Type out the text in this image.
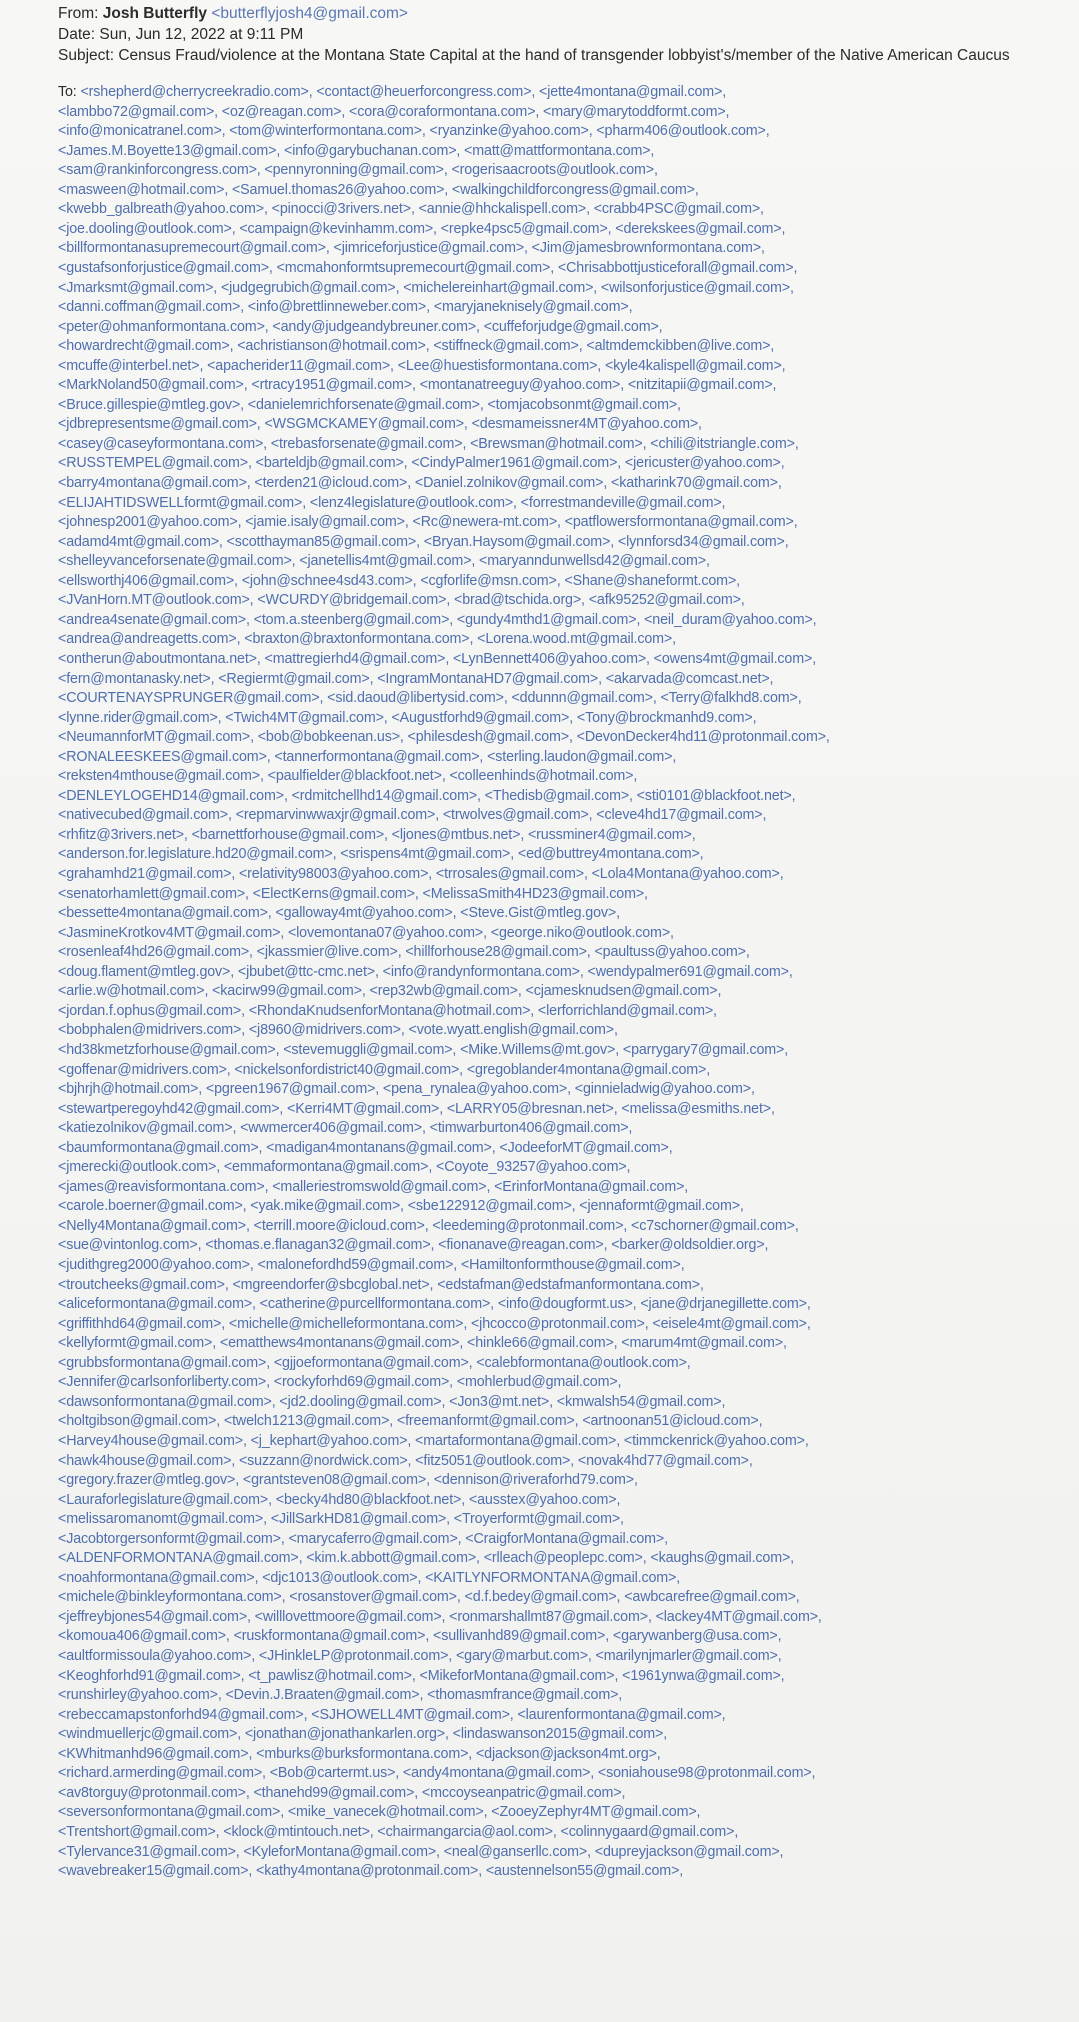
From: Josh Butterfly <butterflyjosh4@gmail.com>
Date: Sun, Jun 12, 2022 at 9:11 PM
Subject: Census Fraud/violence at the Montana State Capital at the hand of transgender lobbyist's/member of the Native American Caucus
To: <rshepherd@cherrycreekradio.com>, <contact@heuerforcongress.com>, <jette4montana@gmail.com>,
<lambbo72@gmail.com>, <oz@reagan.com>, <cora@coraformontana.com>, <mary@marytoddformt.com>,
<info@monicatranel.com>, <tom@winterformontana.com>, <ryanzinke@yahoo.com>, <pharm406@outlook.com>,
<James.M.Boyette13@gmail.com>, <info@garybuchanan.com>, <matt@mattformontana.com>,
<sam@rankinforcongress.com>, <pennyronning@gmail.com>, <rogerisaacroots@outlook.com>,
<masween@hotmail.com>, <Samuel.thomas26@yahoo.com>, <walkingchildforcongress@gmail.com>,
<kwebb_galbreath@yahoo.com>, <pinocci@3rivers.net>, <annie@hhckalispell.com>, <crabb4PSC@gmail.com>,
<joe.dooling@outlook.com>, <campaign@kevinhamm.com>, <repke4psc5@gmail.com>, <derekskees@gmail.com>,
<billformontanasupremecourt@gmail.com>, <jimriceforjustice@gmail.com>, <Jim@jamesbrownformontana.com>,
<gustafsonforjustice@gmail.com>, <mcmahonformtsupremecourt@gmail.com>, <Chrisabbottjusticeforall@gmail.com>,
<Jmarksmt@gmail.com>, <judgegrubich@gmail.com>, <michelereinhart@gmail.com>, <wilsonforjustice@gmail.com>,
<danni.coffman@gmail.com>, <info@brettlinneweber.com>, <maryjaneknisely@gmail.com>,
<peter@ohmanformontana.com>, <andy@judgeandybreuner.com>, <cuffeforjudge@gmail.com>,
<howardrecht@gmail.com>, <achristianson@hotmail.com>, <stiffneck@gmail.com>, <altmdemckibben@live.com>,
<mcuffe@interbel.net>, <apacherider11@gmail.com>, <Lee@huestisformontana.com>, <kyle4kalispell@gmail.com>,
<MarkNoland50@gmail.com>, <rtracy1951@gmail.com>, <montanatreeguy@yahoo.com>, <nitzitapii@gmail.com>,
<Bruce.gillespie@mtleg.gov>, <danielemrichforsenate@gmail.com>, <tomjacobsonmt@gmail.com>,
<jdbrepresentsme@gmail.com>, <WSGMCKAMEY@gmail.com>, <desmameissner4MT@yahoo.com>,
<casey@caseyformontana.com>, <trebasforsenate@gmail.com>, <Brewsman@hotmail.com>, <chili@itstriangle.com>,
<RUSSTEMPEL@gmail.com>, <barteldjb@gmail.com>, <CindyPalmer1961@gmail.com>, <jericuster@yahoo.com>,
<barry4montana@gmail.com>, <terden21@icloud.com>, <Daniel.zolnikov@gmail.com>, <katharink70@gmail.com>,
<ELIJAHTIDSWELLformt@gmail.com>, <lenz4legislature@outlook.com>, <forrestmandeville@gmail.com>,
<johnesp2001@yahoo.com>, <jamie.isaly@gmail.com>, <Rc@newera-mt.com>, <patflowersformontana@gmail.com>,
<adamd4mt@gmail.com>, <scotthayman85@gmail.com>, <Bryan.Haysom@gmail.com>, <lynnforsd34@gmail.com>,
<shelleyvanceforsenate@gmail.com>, <janetellis4mt@gmail.com>, <maryanndunwellsd42@gmail.com>,
<ellsworthj406@gmail.com>, <john@schnee4sd43.com>, <cgforlife@msn.com>, <Shane@shaneformt.com>,
<JVanHorn.MT@outlook.com>, <WCURDY@bridgemail.com>, <brad@tschida.org>, <afk95252@gmail.com>,
<andrea4senate@gmail.com>, <tom.a.steenberg@gmail.com>, <gundy4mthd1@gmail.com>, <neil_duram@yahoo.com>,
<andrea@andreagetts.com>, <braxton@braxtonformontana.com>, <Lorena.wood.mt@gmail.com>,
<ontherun@aboutmontana.net>, <mattregierhd4@gmail.com>, <LynBennett406@yahoo.com>, <owens4mt@gmail.com>,
<fern@montanasky.net>, <Regiermt@gmail.com>, <IngramMontanaHD7@gmail.com>, <akarvada@comcast.net>,
<COURTENAYSPRUNGER@gmail.com>, <sid.daoud@libertysid.com>, <ddunnn@gmail.com>, <Terry@falkhd8.com>,
<lynne.rider@gmail.com>, <Twich4MT@gmail.com>, <Augustforhd9@gmail.com>, <Tony@brockmanhd9.com>,
<NeumannforMT@gmail.com>, <bob@bobkeenan.us>, <philesdesh@gmail.com>, <DevonDecker4hd11@protonmail.com>,
<RONALEESKEES@gmail.com>, <tannerformontana@gmail.com>, <sterling.laudon@gmail.com>,
<reksten4mthouse@gmail.com>, <paulfielder@blackfoot.net>, <colleenhinds@hotmail.com>,
<DENLEYLOGEHD14@gmail.com>, <rdmitchellhd14@gmail.com>, <Thedisb@gmail.com>, <sti0101@blackfoot.net>,
<nativecubed@gmail.com>, <repmarvinwwaxjr@gmail.com>, <trwolves@gmail.com>, <cleve4hd17@gmail.com>,
<rhfitz@3rivers.net>, <barnettforhouse@gmail.com>, <ljones@mtbus.net>, <russminer4@gmail.com>,
<anderson.for.legislature.hd20@gmail.com>, <srispens4mt@gmail.com>, <ed@buttrey4montana.com>,
<grahamhd21@gmail.com>, <relativity98003@yahoo.com>, <trrosales@gmail.com>, <Lola4Montana@yahoo.com>,
<senatorhamlett@gmail.com>, <ElectKerns@gmail.com>, <MelissaSmith4HD23@gmail.com>,
<bessette4montana@gmail.com>, <galloway4mt@yahoo.com>, <Steve.Gist@mtleg.gov>,
<JasmineKrotkov4MT@gmail.com>, <lovemontana07@yahoo.com>, <george.niko@outlook.com>,
<rosenleaf4hd26@gmail.com>, <jkassmier@live.com>, <hillforhouse28@gmail.com>, <paultuss@yahoo.com>,
<doug.flament@mtleg.gov>, <jbubet@ttc-cmc.net>, <info@randynformontana.com>, <wendypalmer691@gmail.com>,
<arlie.w@hotmail.com>, <kacirw99@gmail.com>, <rep32wb@gmail.com>, <cjamesknudsen@gmail.com>,
<jordan.f.ophus@gmail.com>, <RhondaKnudsenforMontana@hotmail.com>, <lerforrichland@gmail.com>,
<bobphalen@midrivers.com>, <j8960@midrivers.com>, <vote.wyatt.english@gmail.com>,
<hd38kmetzforhouse@gmail.com>, <stevemuggli@gmail.com>, <Mike.Willems@mt.gov>, <parrygary7@gmail.com>,
<goffenar@midrivers.com>, <nickelsonfordistrict40@gmail.com>, <gregoblander4montana@gmail.com>,
<bjhrjh@hotmail.com>, <pgreen1967@gmail.com>, <pena_rynalea@yahoo.com>, <ginnieladwig@yahoo.com>,
<stewartperegoyhd42@gmail.com>, <Kerri4MT@gmail.com>, <LARRY05@bresnan.net>, <melissa@esmiths.net>,
<katiezolnikov@gmail.com>, <wwmercer406@gmail.com>, <timwarburton406@gmail.com>,
<baumformontana@gmail.com>, <madigan4montanans@gmail.com>, <JodeeforMT@gmail.com>,
<jmerecki@outlook.com>, <emmaformontana@gmail.com>, <Coyote_93257@yahoo.com>,
<james@reavisformontana.com>, <malleriestromswold@gmail.com>, <ErinforMontana@gmail.com>,
<carole.boerner@gmail.com>, <yak.mike@gmail.com>, <sbe122912@gmail.com>, <jennaformt@gmail.com>,
<Nelly4Montana@gmail.com>, <terrill.moore@icloud.com>, <leedeming@protonmail.com>, <c7schorner@gmail.com>,
<sue@vintonlog.com>, <thomas.e.flanagan32@gmail.com>, <fionanave@reagan.com>, <barker@oldsoldier.org>,
<judithgreg2000@yahoo.com>, <malonefordhd59@gmail.com>, <Hamiltonformthouse@gmail.com>,
<troutcheeks@gmail.com>, <mgreendorfer@sbcglobal.net>, <edstafman@edstafmanformontana.com>,
<aliceformontana@gmail.com>, <catherine@purcellformontana.com>, <info@dougformt.us>, <jane@drjanegillette.com>,
<griffithhd64@gmail.com>, <michelle@michelleformontana.com>, <jhcocco@protonmail.com>, <eisele4mt@gmail.com>,
<kellyformt@gmail.com>, <ematthews4montanans@gmail.com>, <hinkle66@gmail.com>, <marum4mt@gmail.com>,
<grubbsformontana@gmail.com>, <gjjoeformontana@gmail.com>, <calebformontana@outlook.com>,
<Jennifer@carlsonforliberty.com>, <rockyforhd69@gmail.com>, <mohlerbud@gmail.com>,
<dawsonformontana@gmail.com>, <jd2.dooling@gmail.com>, <Jon3@mt.net>, <kmwalsh54@gmail.com>,
<holtgibson@gmail.com>, <twelch1213@gmail.com>, <freemanformt@gmail.com>, <artnoonan51@icloud.com>,
<Harvey4house@gmail.com>, <j_kephart@yahoo.com>, <martaformontana@gmail.com>, <timmckenrick@yahoo.com>,
<hawk4house@gmail.com>, <suzzann@nordwick.com>, <fitz5051@outlook.com>, <novak4hd77@gmail.com>,
<gregory.frazer@mtleg.gov>, <grantsteven08@gmail.com>, <dennison@riveraforhd79.com>,
<Lauraforlegislature@gmail.com>, <becky4hd80@blackfoot.net>, <ausstex@yahoo.com>,
<melissaromanomt@gmail.com>, <JillSarkHD81@gmail.com>, <Troyerformt@gmail.com>,
<Jacobtorgersonformt@gmail.com>, <marycaferro@gmail.com>, <CraigforMontana@gmail.com>,
<ALDENFORMONTANA@gmail.com>, <kim.k.abbott@gmail.com>, <rlleach@peoplepc.com>, <kaughs@gmail.com>,
<noahformontana@gmail.com>, <djc1013@outlook.com>, <KAITLYNFORMONTANA@gmail.com>,
<michele@binkleyformontana.com>, <rosanstover@gmail.com>, <d.f.bedey@gmail.com>, <awbcarefree@gmail.com>,
<jeffreybjones54@gmail.com>, <willlovettmoore@gmail.com>, <ronmarshallmt87@gmail.com>, <lackey4MT@gmail.com>,
<komoua406@gmail.com>, <ruskformontana@gmail.com>, <sullivanhd89@gmail.com>, <garywanberg@usa.com>,
<aultformissoula@yahoo.com>, <JHinkleLP@protonmail.com>, <gary@marbut.com>, <marilynjmarler@gmail.com>,
<Keoghforhd91@gmail.com>, <t_pawlisz@hotmail.com>, <MikeforMontana@gmail.com>, <1961ynwa@gmail.com>,
<runshirley@yahoo.com>, <Devin.J.Braaten@gmail.com>, <thomasmfrance@gmail.com>,
<rebeccamapstonforhd94@gmail.com>, <SJHOWELL4MT@gmail.com>, <laurenformontana@gmail.com>,
<windmuellerjc@gmail.com>, <jonathan@jonathankarlen.org>, <lindaswanson2015@gmail.com>,
<KWhitmanhd96@gmail.com>, <mburks@burksformontana.com>, <djackson@jackson4mt.org>,
<richard.armerding@gmail.com>, <Bob@cartermt.us>, <andy4montana@gmail.com>, <soniahouse98@protonmail.com>,
<av8torguy@protonmail.com>, <thanehd99@gmail.com>, <mccoyseanpatric@gmail.com>,
<seversonformontana@gmail.com>, <mike_vanecek@hotmail.com>, <ZooeyZephyr4MT@gmail.com>,
<Trentshort@gmail.com>, <klock@mtintouch.net>, <chairmangarcia@aol.com>, <colinnygaard@gmail.com>,
<Tylervance31@gmail.com>, <KyleforMontana@gmail.com>, <neal@ganserllc.com>, <dupreyjackson@gmail.com>,
<wavebreaker15@gmail.com>, <kathy4montana@protonmail.com>, <austennelson55@gmail.com>,
